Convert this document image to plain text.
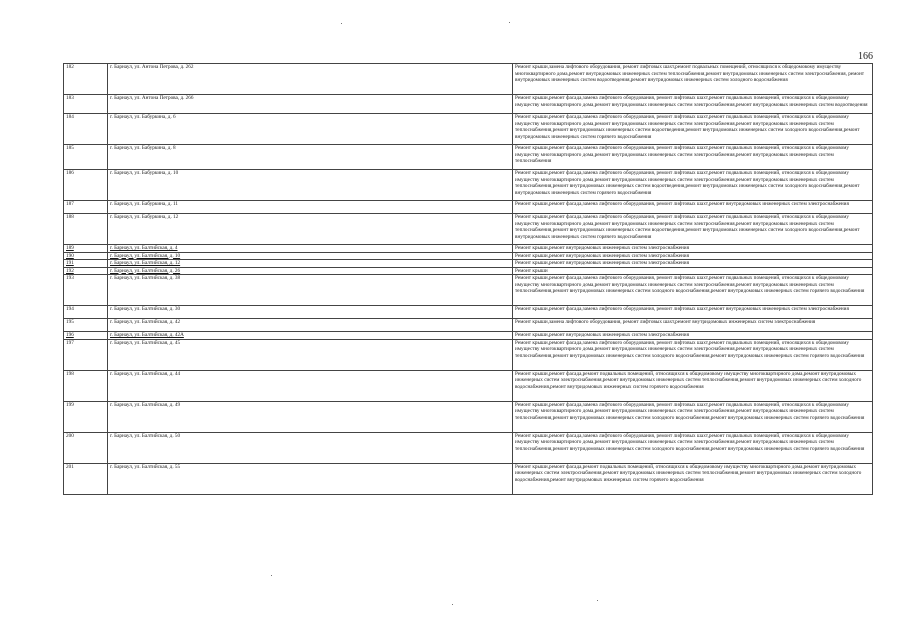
166
182	г. Барнаул, ул. Антона Петрова, д. 262	Ремонт крыши,замена лифтового оборудования, ремонт лифтовых шахт,ремонт подвальных помещений, относящихся к общедомовому имуществу многоквартирного дома,ремонт внутридомовых инженерных систем теплоснабжения,ремонт внутридомовых инженерных систем электроснабжения, ремонт внутридомовых инженерных систем водоотведения,ремонт внутридомовых инженерных систем холодного водоснабжения
183	г. Барнаул, ул. Антона Петрова, д. 266	Ремонт крыши,ремонт фасада,замена лифтового оборудования, ремонт лифтовых шахт,ремонт подвальных помещений, относящихся к общедомовому имуществу многоквартирного дома,ремонт внутридомовых инженерных систем электроснабжения,ремонт внутридомовых инженерных систем водоотведения
184	г. Барнаул, ул. Бабуркина, д. 6	Ремонт крыши,ремонт фасада,замена лифтового оборудования, ремонт лифтовых шахт,ремонт подвальных помещений, относящихся к общедомовому имуществу многоквартирного дома,ремонт внутридомовых инженерных систем электроснабжения,ремонт внутридомовых инженерных систем теплоснабжения,ремонт внутридомовых инженерных систем водоотведения,ремонт внутридомовых инженерных систем холодного водоснабжения,ремонт внутридомовых инженерных систем горячего водоснабжения
185	г. Барнаул, ул. Бабуркина, д. 8	Ремонт крыши,ремонт фасада,замена лифтового оборудования, ремонт лифтовых шахт,ремонт подвальных помещений, относящихся к общедомовому имуществу многоквартирного дома,ремонт внутридомовых инженерных систем электроснабжения,ремонт внутридомовых инженерных систем теплоснабжения
186	г. Барнаул, ул. Бабуркина, д. 10	Ремонт крыши,ремонт фасада,замена лифтового оборудования, ремонт лифтовых шахт,ремонт подвальных помещений, относящихся к общедомовому имуществу многоквартирного дома,ремонт внутридомовых инженерных систем электроснабжения,ремонт внутридомовых инженерных систем теплоснабжения,ремонт внутридомовых инженерных систем водоотведения,ремонт внутридомовых инженерных систем холодного водоснабжения,ремонт внутридомовых инженерных систем горячего водоснабжения
187	г. Барнаул, ул. Бабуркина, д. 11	Ремонт крыши,ремонт фасада,замена лифтового оборудования, ремонт лифтовых шахт,ремонт внутридомовых инженерных систем электроснабжения
188	г. Барнаул, ул. Бабуркина, д. 12	Ремонт крыши,ремонт фасада,замена лифтового оборудования, ремонт лифтовых шахт,ремонт подвальных помещений, относящихся к общедомовому имуществу многоквартирного дома,ремонт внутридомовых инженерных систем электроснабжения,ремонт внутридомовых инженерных систем теплоснабжения,ремонт внутридомовых инженерных систем водоотведения,ремонт внутридомовых инженерных систем холодного водоснабжения,ремонт внутридомовых инженерных систем горячего водоснабжения
189	г. Барнаул, ул. Балтийская, д. 4	Ремонт крыши,ремонт внутридомовых инженерных систем электроснабжения
190	г. Барнаул, ул. Балтийская, д. 10	Ремонт крыши,ремонт внутридомовых инженерных систем электроснабжения
191	г. Барнаул, ул. Балтийская, д. 12	Ремонт крыши,ремонт внутридомовых инженерных систем электроснабжения
192	г. Барнаул, ул. Балтийская, д. 26	Ремонт крыши
193	г. Барнаул, ул. Балтийская, д. 38	Ремонт крыши,ремонт фасада,замена лифтового оборудования, ремонт лифтовых шахт,ремонт подвальных помещений, относящихся к общедомовому имуществу многоквартирного дома,ремонт внутридомовых инженерных систем электроснабжения,ремонт внутридомовых инженерных систем теплоснабжения,ремонт внутридомовых инженерных систем холодного водоснабжения,ремонт внутридомовых инженерных систем горячего водоснабжения
194	г. Барнаул, ул. Балтийская, д. 30	Ремонт крыши,ремонт фасада,замена лифтового оборудования, ремонт лифтовых шахт,ремонт внутридомовых инженерных систем электроснабжения
195	г. Барнаул, ул. Балтийская, д. 42	Ремонт крыши,замена лифтового оборудования, ремонт лифтовых шахт,ремонт внутридомовых инженерных систем электроснабжения
196	г. Барнаул, ул. Балтийская, д. 42А	Ремонт крыши,ремонт внутридомовых инженерных систем электроснабжения
197	г. Барнаул, ул. Балтийская, д. 45	Ремонт крыши,ремонт фасада,замена лифтового оборудования, ремонт лифтовых шахт,ремонт подвальных помещений, относящихся к общедомовому имуществу многоквартирного дома,ремонт внутридомовых инженерных систем электроснабжения,ремонт внутридомовых инженерных систем теплоснабжения,ремонт внутридомовых инженерных систем холодного водоснабжения,ремонт внутридомовых инженерных систем горячего водоснабжения
198	г. Барнаул, ул. Балтийская, д. 44	Ремонт крыши,ремонт фасада,ремонт подвальных помещений, относящихся к общедомовому имуществу многоквартирного дома,ремонт внутридомовых инженерных систем электроснабжения,ремонт внутридомовых инженерных систем теплоснабжения,ремонт внутридомовых инженерных систем холодного водоснабжения,ремонт внутридомовых инженерных систем горячего водоснабжения
199	г. Барнаул, ул. Балтийская, д. 49	Ремонт крыши,ремонт фасада,замена лифтового оборудования, ремонт лифтовых шахт,ремонт подвальных помещений, относящихся к общедомовому имуществу многоквартирного дома,ремонт внутридомовых инженерных систем электроснабжения,ремонт внутридомовых инженерных систем теплоснабжения,ремонт внутридомовых инженерных систем холодного водоснабжения,ремонт внутридомовых инженерных систем горячего водоснабжения
200	г. Барнаул, ул. Балтийская, д. 50	Ремонт крыши,ремонт фасада,замена лифтового оборудования, ремонт лифтовых шахт,ремонт подвальных помещений, относящихся к общедомовому имуществу многоквартирного дома,ремонт внутридомовых инженерных систем электроснабжения,ремонт внутридомовых инженерных систем теплоснабжения,ремонт внутридомовых инженерных систем холодного водоснабжения,ремонт внутридомовых инженерных систем горячего водоснабжения
201	г. Барнаул, ул. Балтийская, д. 55	Ремонт крыши,ремонт фасада,ремонт подвальных помещений, относящихся к общедомовому имуществу многоквартирного дома,ремонт внутридомовых инженерных систем электроснабжения,ремонт внутридомовых инженерных систем теплоснабжения,ремонт внутридомовых инженерных систем холодного водоснабжения,ремонт внутридомовых инженерных систем горячего водоснабжения
